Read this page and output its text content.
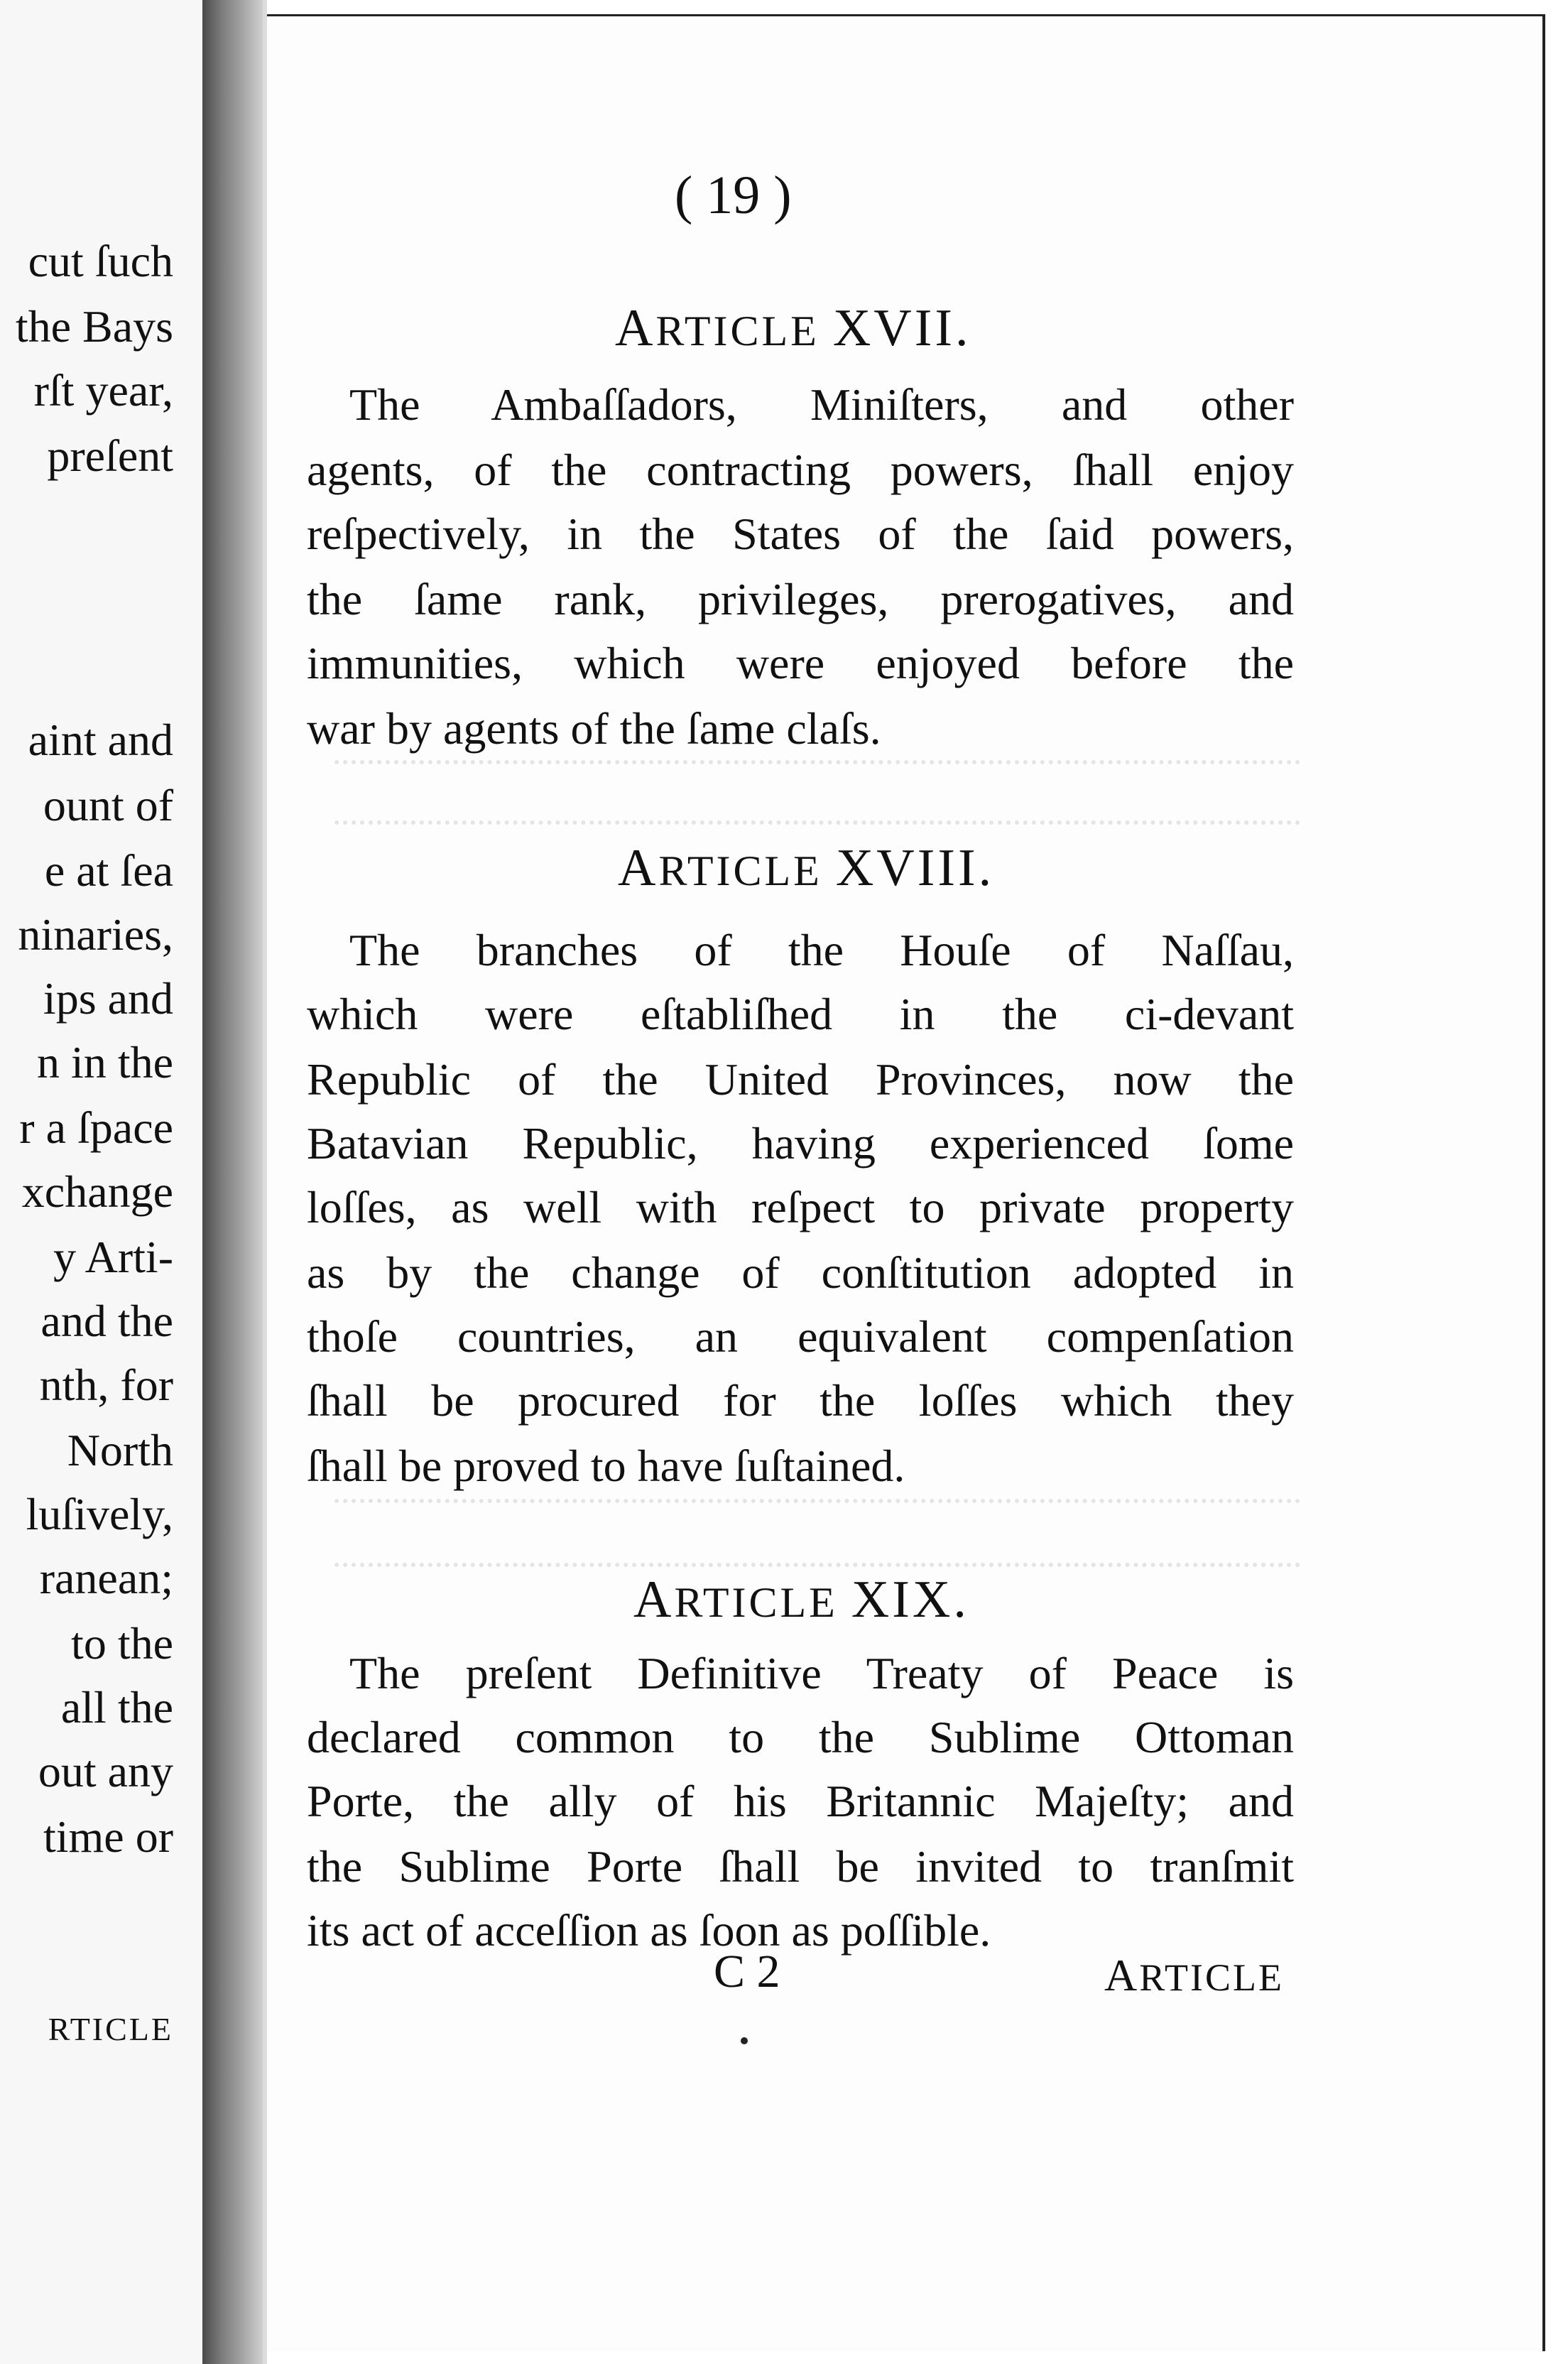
cut ſuch
the Bays
rſt year,
preſent
aint and
ount of
e at ſea
ninaries,
ips and
n in the
r a ſpace
xchange
y Arti-
and the
nth, for
North
luſively,
ranean;
to the
all the
out any
time or
RTICLE
( 19 )
ARTICLE XVII.
The Ambaſſadors, Miniſters, and other
agents, of the contracting powers, ſhall enjoy
reſpectively, in the States of the ſaid powers,
the ſame rank, privileges, prerogatives, and
immunities, which were enjoyed before the
war by agents of the ſame claſs.
ARTICLE XVIII.
The branches of the Houſe of Naſſau,
which were eſtabliſhed in the ci-devant
Republic of the United Provinces, now the
Batavian Republic, having experienced ſome
loſſes, as well with reſpect to private property
as by the change of conſtitution adopted in
thoſe countries, an equivalent compenſation
ſhall be procured for the loſſes which they
ſhall be proved to have ſuſtained.
ARTICLE XIX.
The preſent Definitive Treaty of Peace is
declared common to the Sublime Ottoman
Porte, the ally of his Britannic Majeſty; and
the Sublime Porte ſhall be invited to tranſmit
its act of acceſſion as ſoon as poſſible.
C 2	ARTICLE
